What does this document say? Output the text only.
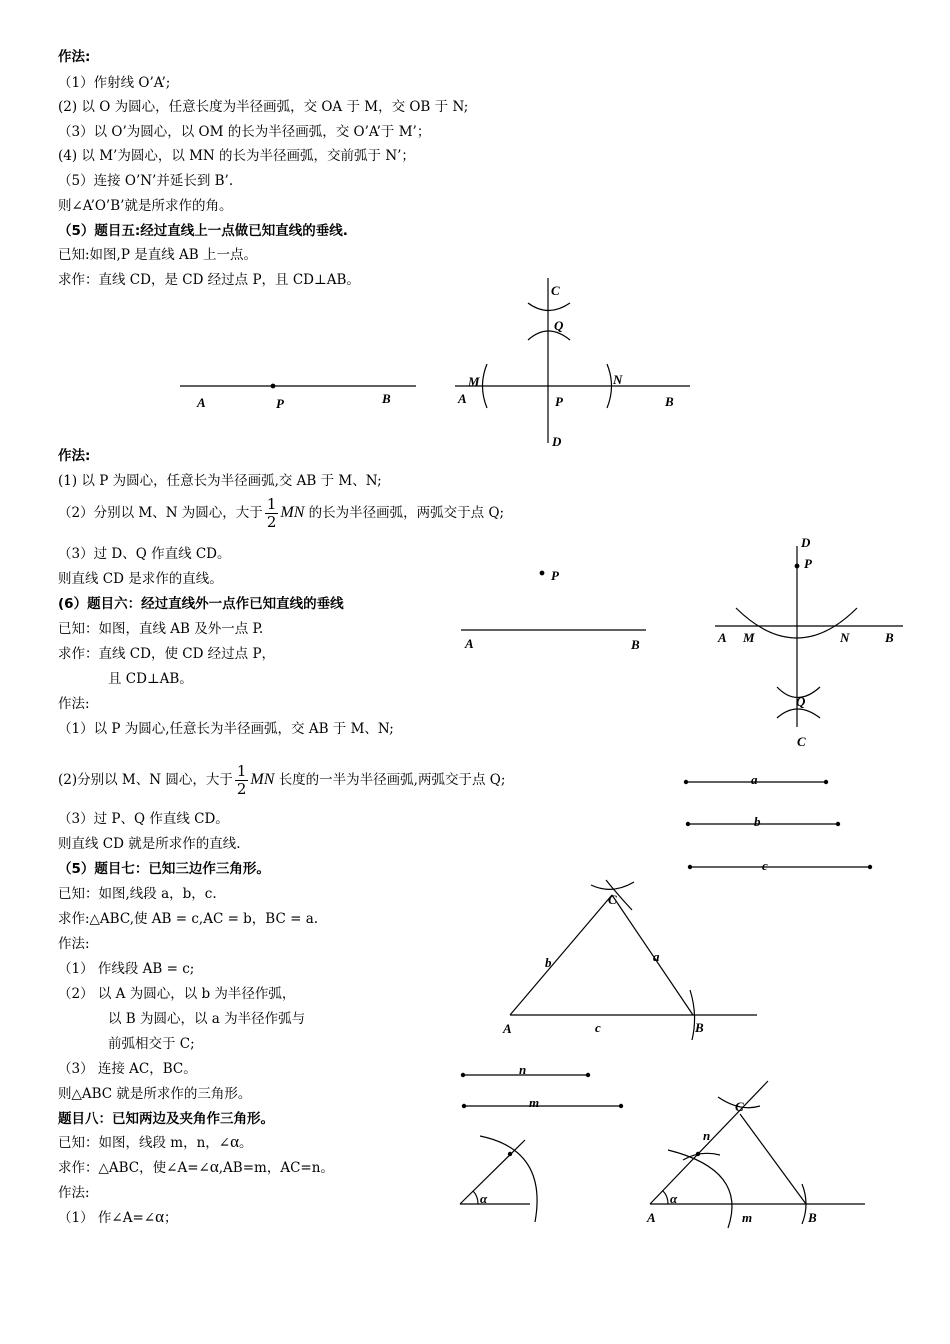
作法:
（1）作射线 O’A’;
(2) 以 O 为圆心，任意长度为半径画弧，交 OA 于 M，交 OB 于 N;
（3）以 O’为圆心，以 OM 的长为半径画弧，交 O’A’于 M’；
(4) 以 M’为圆心，以 MN 的长为半径画弧，交前弧于 N’；
（5）连接 O’N’并延长到 B’.
则∠A’O’B’就是所求作的角。
（5）题目五:经过直线上一点做已知直线的垂线.
已知:如图,P 是直线 AB 上一点。
求作：直线 CD，是 CD 经过点 P，且 CD⊥AB。
作法:
(1) 以 P 为圆心，任意长为半径画弧,交 AB 于 M、N;
（2）分别以 M、N 为圆心，大于 $\frac{1}{2}$ MN 的长为半径画弧，两弧交于点 Q;
（3）过 D、Q 作直线 CD。
则直线 CD 是求作的直线。
(6）题目六：经过直线外一点作已知直线的垂线
已知：如图，直线 AB 及外一点 P.
求作：直线 CD，使 CD 经过点 P，
且 CD⊥AB。
作法:
（1）以 P 为圆心,任意长为半径画弧，交 AB 于 M、N;
(2)分别以 M、N 圆心，大于 $\frac{1}{2}$ MN 长度的一半为半径画弧,两弧交于点 Q;
（3）过 P、Q 作直线 CD。
则直线 CD 就是所求作的直线.
（5）题目七：已知三边作三角形。
已知：如图,线段 a，b，c.
求作:△ABC,使 AB = c,AC = b，BC = a.
作法:
（1） 作线段 AB = c;
（2） 以 A 为圆心，以 b 为半径作弧，
以 B 为圆心，以 a 为半径作弧与
前弧相交于 C;
（3） 连接 AC，BC。
则△ABC 就是所求作的三角形。
题目八：已知两边及夹角作三角形。
已知：如图，线段 m，n，∠α。
求作：△ABC，使∠A=∠α,AB=m，AC=n。
作法:
（1） 作∠A=∠α；
A	P	B
C
Q
M	N
A	P	B
D
P
A	B
D
P
A M	N	B
Q
C
a
b
c
C
b	a
A	c	B
n
m
α
C
n
α
A	m	B
